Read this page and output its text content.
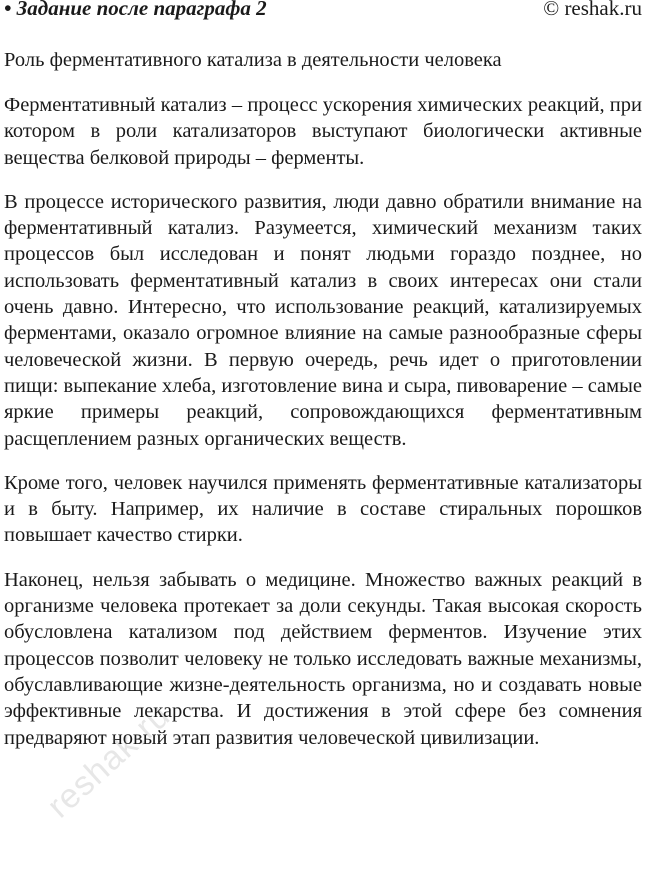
• Задание после параграфа 2	© reshak.ru
Роль ферментативного катализа в деятельности человека

Ферментативный катализ – процесс ускорения химических реакций, при котором в роли катализаторов выступают биологически активные вещества белковой природы – ферменты.

В процессе исторического развития, люди давно обратили внимание на ферментативный катализ. Разумеется, химический механизм таких процессов был исследован и понят людьми гораздо позднее, но использовать ферментативный катализ в своих интересах они стали очень давно. Интересно, что использование реакций, катализируемых ферментами, оказало огромное влияние на самые разнообразные сферы человеческой жизни. В первую очередь, речь идет о приготовлении пищи: выпекание хлеба, изготовление вина и сыра, пивоварение – самые яркие примеры реакций, сопровождающихся ферментативным расщеплением разных органических веществ.

Кроме того, человек научился применять ферментативные катализаторы и в быту. Например, их наличие в составе стиральных порошков повышает качество стирки.

Наконец, нельзя забывать о медицине. Множество важных реакций в организме человека протекает за доли секунды. Такая высокая скорость обусловлена катализом под действием ферментов. Изучение этих процессов позволит человеку не только исследовать важные механизмы, обуславливающие жизне-деятельность организма, но и создавать новые эффективные лекарства. И достижения в этой сфере без сомнения предваряют новый этап развития человеческой цивилизации.

reshak.ru
